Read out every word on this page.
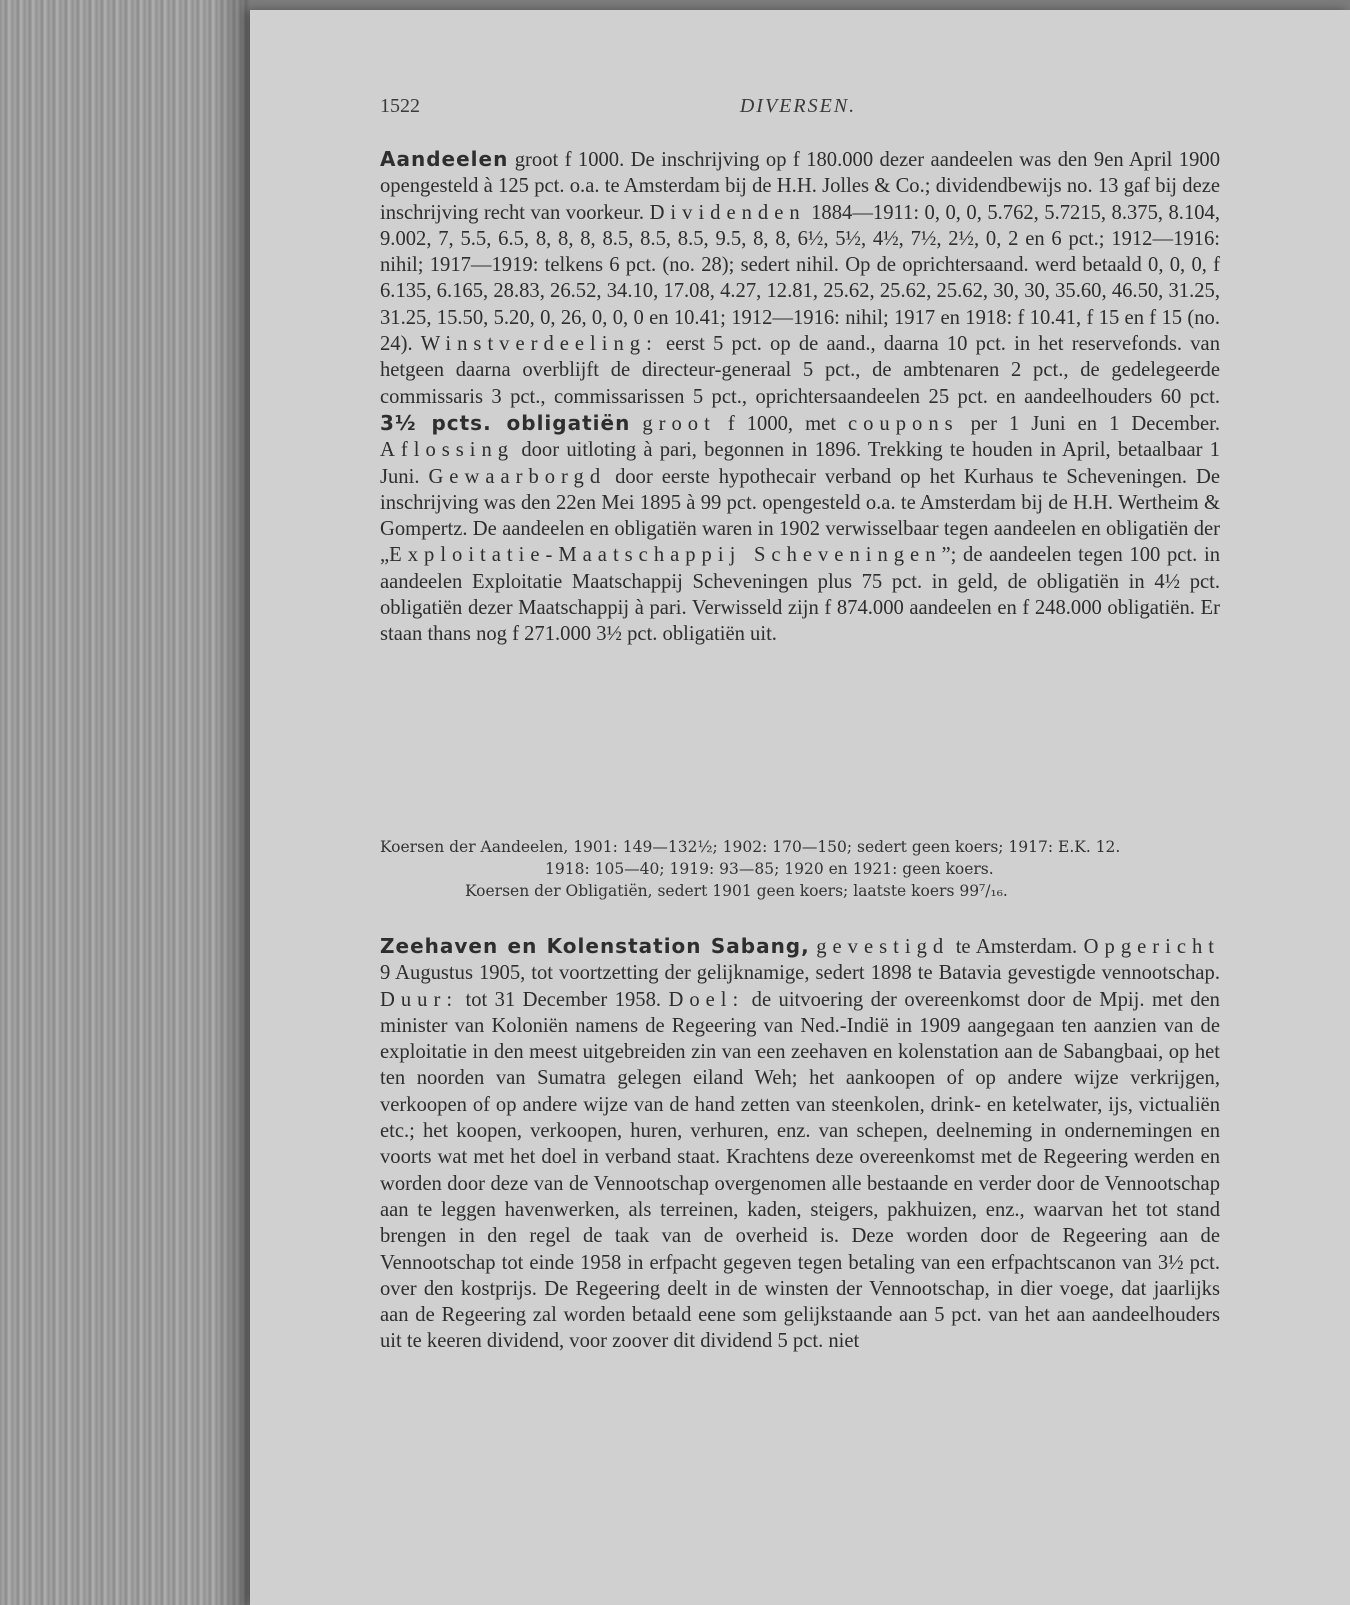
1522	DIVERSEN.

Aandeelen groot f 1000. De inschrijving op f 180.000 dezer aandeelen was den 9en April 1900 opengesteld à 125 pct. o.a. te Amsterdam bij de H.H. Jolles & Co.; dividendbewijs no. 13 gaf bij deze inschrijving recht van voorkeur. Dividenden 1884—1911: 0, 0, 0, 5.762, 5.7215, 8.375, 8.104, 9.002, 7, 5.5, 6.5, 8, 8, 8, 8.5, 8.5, 8.5, 9.5, 8, 8, 6½, 5½, 4½, 7½, 2½, 0, 2 en 6 pct.; 1912—1916: nihil; 1917—1919: telkens 6 pct. (no. 28); sedert nihil. Op de oprichtersaand. werd betaald 0, 0, 0, f 6.135, 6.165, 28.83, 26.52, 34.10, 17.08, 4.27, 12.81, 25.62, 25.62, 25.62, 30, 30, 35.60, 46.50, 31.25, 31.25, 15.50, 5.20, 0, 26, 0, 0, 0 en 10.41; 1912—1916: nihil; 1917 en 1918: f 10.41, f 15 en f 15 (no. 24). Winstverdeeling: eerst 5 pct. op de aand., daarna 10 pct. in het reservefonds. van hetgeen daarna overblijft de directeur-generaal 5 pct., de ambtenaren 2 pct., de gedelegeerde commissaris 3 pct., commissarissen 5 pct., oprichtersaandeelen 25 pct. en aandeelhouders 60 pct. 3½ pcts. obligatiën groot f 1000, met coupons per 1 Juni en 1 December. Aflossing door uitloting à pari, begonnen in 1896. Trekking te houden in April, betaalbaar 1 Juni. Gewaarborgd door eerste hypothecair verband op het Kurhaus te Scheveningen. De inschrijving was den 22en Mei 1895 à 99 pct. opengesteld o.a. te Amsterdam bij de H.H. Wertheim & Gompertz. De aandeelen en obligatiën waren in 1902 verwisselbaar tegen aandeelen en obligatiën der „Exploitatie-Maatschappij Scheveningen”; de aandeelen tegen 100 pct. in aandeelen Exploitatie Maatschappij Scheveningen plus 75 pct. in geld, de obligatiën in 4½ pct. obligatiën dezer Maatschappij à pari. Verwisseld zijn f 874.000 aandeelen en f 248.000 obligatiën. Er staan thans nog f 271.000 3½ pct. obligatiën uit.

Koersen der Aandeelen, 1901: 149—132½; 1902: 170—150; sedert geen koers; 1917: E.K. 12.

1918: 105—40; 1919: 93—85; 1920 en 1921: geen koers.

Koersen der Obligatiën, sedert 1901 geen koers; laatste koers 99⁷/₁₆.

Zeehaven en Kolenstation Sabang, gevestigd te Amsterdam. Opgericht 9 Augustus 1905, tot voortzetting der gelijknamige, sedert 1898 te Batavia gevestigde vennootschap. Duur: tot 31 December 1958. Doel: de uitvoering der overeenkomst door de Mpij. met den minister van Koloniën namens de Regeering van Ned.-Indië in 1909 aangegaan ten aanzien van de exploitatie in den meest uitgebreiden zin van een zeehaven en kolenstation aan de Sabangbaai, op het ten noorden van Sumatra gelegen eiland Weh; het aankoopen of op andere wijze verkrijgen, verkoopen of op andere wijze van de hand zetten van steenkolen, drink- en ketelwater, ijs, victualiën etc.; het koopen, verkoopen, huren, verhuren, enz. van schepen, deelneming in ondernemingen en voorts wat met het doel in verband staat. Krachtens deze overeenkomst met de Regeering werden en worden door deze van de Vennootschap overgenomen alle bestaande en verder door de Vennootschap aan te leggen havenwerken, als terreinen, kaden, steigers, pakhuizen, enz., waarvan het tot stand brengen in den regel de taak van de overheid is. Deze worden door de Regeering aan de Vennootschap tot einde 1958 in erfpacht gegeven tegen betaling van een erfpachtscanon van 3½ pct. over den kostprijs. De Regeering deelt in de winsten der Vennootschap, in dier voege, dat jaarlijks aan de Regeering zal worden betaald eene som gelijkstaande aan 5 pct. van het aan aandeelhouders uit te keeren dividend, voor zoover dit dividend 5 pct. niet
